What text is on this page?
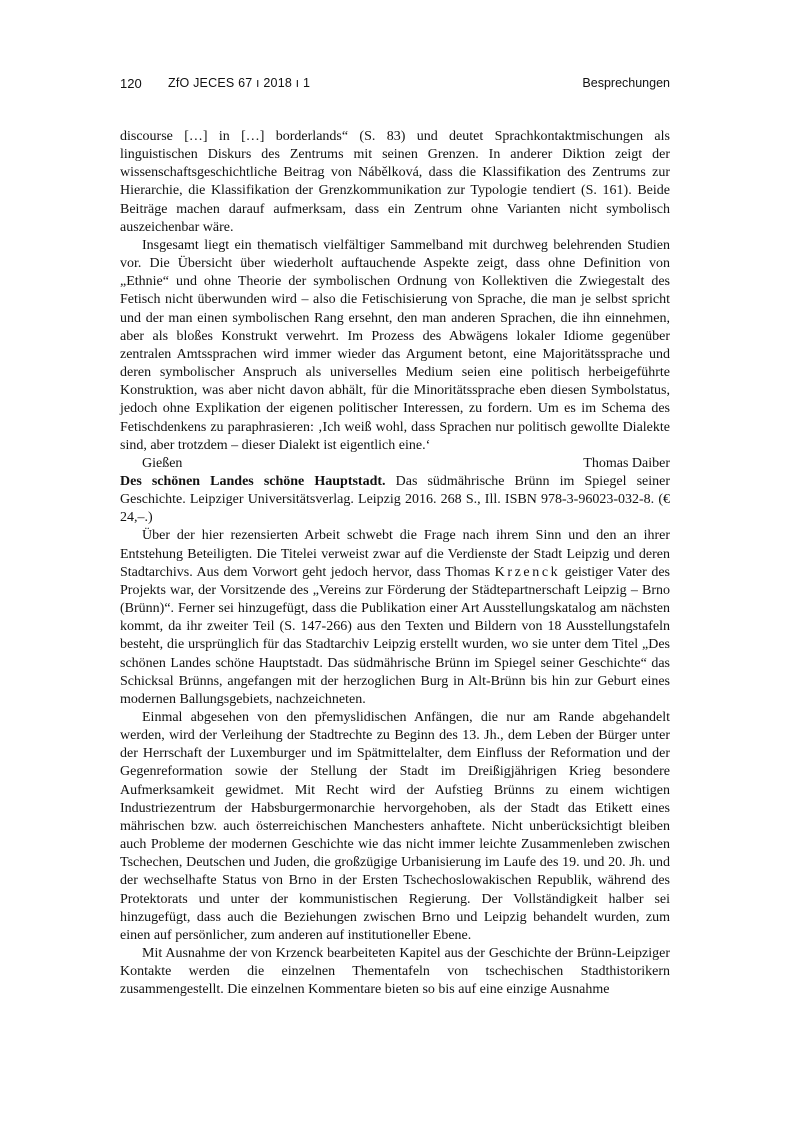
120 ZfO JECES 67 ı 2018 ı 1	Besprechungen

discourse […] in […] borderlands“ (S. 83) und deutet Sprachkontaktmischungen als linguistischen Diskurs des Zentrums mit seinen Grenzen. In anderer Diktion zeigt der wissenschaftsgeschichtliche Beitrag von Nábělková, dass die Klassifikation des Zentrums zur Hierarchie, die Klassifikation der Grenzkommunikation zur Typologie tendiert (S. 161). Beide Beiträge machen darauf aufmerksam, dass ein Zentrum ohne Varianten nicht symbolisch auszeichenbar wäre.

Insgesamt liegt ein thematisch vielfältiger Sammelband mit durchweg belehrenden Studien vor. Die Übersicht über wiederholt auftauchende Aspekte zeigt, dass ohne Definition von „Ethnie“ und ohne Theorie der symbolischen Ordnung von Kollektiven die Zwiegestalt des Fetisch nicht überwunden wird – also die Fetischisierung von Sprache, die man je selbst spricht und der man einen symbolischen Rang ersehnt, den man anderen Sprachen, die ihn einnehmen, aber als bloßes Konstrukt verwehrt. Im Prozess des Abwägens lokaler Idiome gegenüber zentralen Amtssprachen wird immer wieder das Argument betont, eine Majoritätssprache und deren symbolischer Anspruch als universelles Medium seien eine politisch herbeigeführte Konstruktion, was aber nicht davon abhält, für die Minoritätssprache eben diesen Symbolstatus, jedoch ohne Explikation der eigenen politischer Interessen, zu fordern. Um es im Schema des Fetischdenkens zu paraphrasieren: ‚Ich weiß wohl, dass Sprachen nur politisch gewollte Dialekte sind, aber trotzdem – dieser Dialekt ist eigentlich eine.‘

Gießen	Thomas Daiber

Des schönen Landes schöne Hauptstadt. Das südmährische Brünn im Spiegel seiner Geschichte. Leipziger Universitätsverlag. Leipzig 2016. 268 S., Ill. ISBN 978-3-96023-032-8. (€ 24,–.)

Über der hier rezensierten Arbeit schwebt die Frage nach ihrem Sinn und den an ihrer Entstehung Beteiligten. Die Titelei verweist zwar auf die Verdienste der Stadt Leipzig und deren Stadtarchivs. Aus dem Vorwort geht jedoch hervor, dass Thomas Krzenck geistiger Vater des Projekts war, der Vorsitzende des „Vereins zur Förderung der Städtepartnerschaft Leipzig – Brno (Brünn)“. Ferner sei hinzugefügt, dass die Publikation einer Art Ausstellungskatalog am nächsten kommt, da ihr zweiter Teil (S. 147-266) aus den Texten und Bildern von 18 Ausstellungstafeln besteht, die ursprünglich für das Stadtarchiv Leipzig erstellt wurden, wo sie unter dem Titel „Des schönen Landes schöne Hauptstadt. Das südmährische Brünn im Spiegel seiner Geschichte“ das Schicksal Brünns, angefangen mit der herzoglichen Burg in Alt-Brünn bis hin zur Geburt eines modernen Ballungsgebiets, nachzeichneten.

Einmal abgesehen von den přemyslidischen Anfängen, die nur am Rande abgehandelt werden, wird der Verleihung der Stadtrechte zu Beginn des 13. Jh., dem Leben der Bürger unter der Herrschaft der Luxemburger und im Spätmittelalter, dem Einfluss der Reformation und der Gegenreformation sowie der Stellung der Stadt im Dreißigjährigen Krieg besondere Aufmerksamkeit gewidmet. Mit Recht wird der Aufstieg Brünns zu einem wichtigen Industriezentrum der Habsburgermonarchie hervorgehoben, als der Stadt das Etikett eines mährischen bzw. auch österreichischen Manchesters anhaftete. Nicht unberücksichtigt bleiben auch Probleme der modernen Geschichte wie das nicht immer leichte Zusammenleben zwischen Tschechen, Deutschen und Juden, die großzügige Urbanisierung im Laufe des 19. und 20. Jh. und der wechselhafte Status von Brno in der Ersten Tschechoslowakischen Republik, während des Protektorats und unter der kommunistischen Regierung. Der Vollständigkeit halber sei hinzugefügt, dass auch die Beziehungen zwischen Brno und Leipzig behandelt wurden, zum einen auf persönlicher, zum anderen auf institutioneller Ebene.

Mit Ausnahme der von Krzenck bearbeiteten Kapitel aus der Geschichte der Brünn-Leipziger Kontakte werden die einzelnen Thementafeln von tschechischen Stadthistorikern zusammengestellt. Die einzelnen Kommentare bieten so bis auf eine einzige Ausnahme
